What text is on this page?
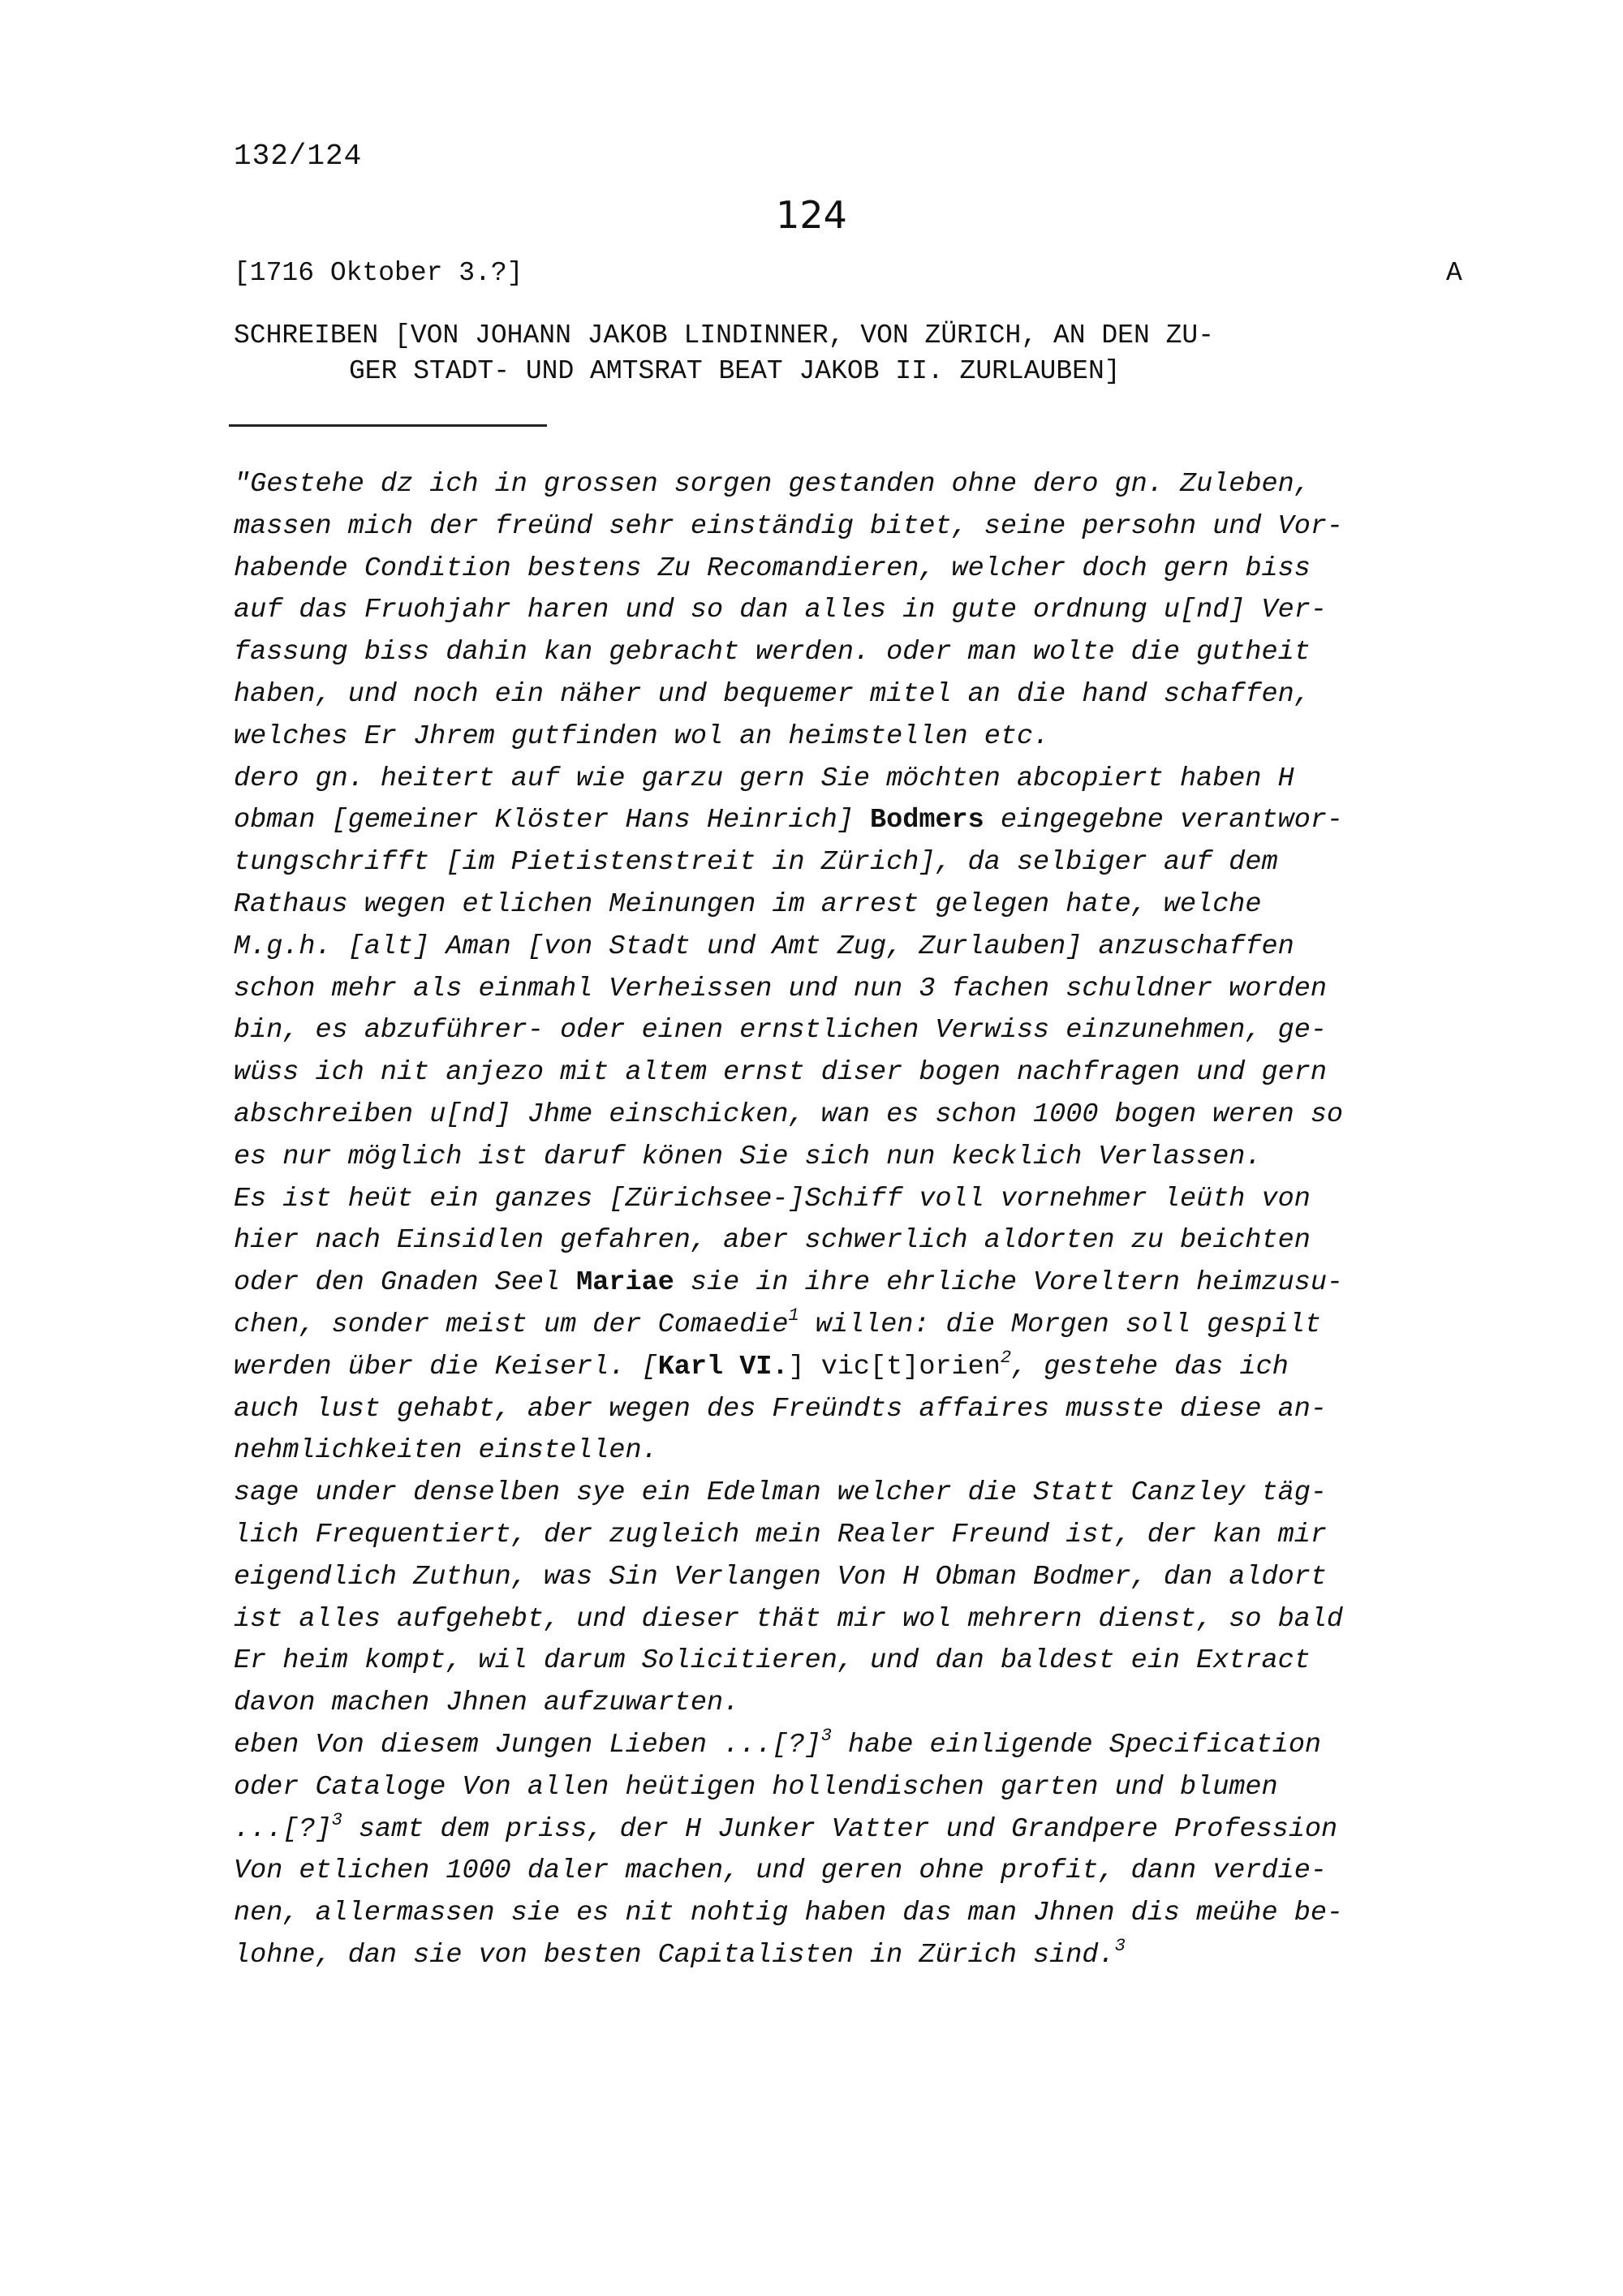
132/124
124
[1716 Oktober 3.?]	A
SCHREIBEN [VON JOHANN JAKOB LINDINNER, VON ZÜRICH, AN DEN ZU-
GER STADT- UND AMTSRAT BEAT JAKOB II. ZURLAUBEN]
"Gestehe dz ich in grossen sorgen gestanden ohne dero gn. Zuleben,
massen mich der freünd sehr einständig bitet, seine persohn und Vor-
habende Condition bestens Zu Recomandieren, welcher doch gern biss
auf das Fruohjahr haren und so dan alles in gute ordnung u[nd] Ver-
fassung biss dahin kan gebracht werden. oder man wolte die gutheit
haben, und noch ein näher und bequemer mitel an die hand schaffen,
welches Er Jhrem gutfinden wol an heimstellen etc.
dero gn. heitert auf wie garzu gern Sie möchten abcopiert haben H
obman [gemeiner Klöster Hans Heinrich] Bodmers eingegebne verantwor-
tungschrifft [im Pietistenstreit in Zürich], da selbiger auf dem
Rathaus wegen etlichen Meinungen im arrest gelegen hate, welche
M.g.h. [alt] Aman [von Stadt und Amt Zug, Zurlauben] anzuschaffen
schon mehr als einmahl Verheissen und nun 3 fachen schuldner worden
bin, es abzuführer- oder einen ernstlichen Verwiss einzunehmen, ge-
wüss ich nit anjezo mit altem ernst diser bogen nachfragen und gern
abschreiben u[nd] Jhme einschicken, wan es schon 1000 bogen weren so
es nur möglich ist daruf könen Sie sich nun kecklich Verlassen.
Es ist heüt ein ganzes [Zürichsee-]Schiff voll vornehmer leüth von
hier nach Einsidlen gefahren, aber schwerlich aldorten zu beichten
oder den Gnaden Seel Mariae sie in ihre ehrliche Voreltern heimzusu-
chen, sonder meist um der Comaedie$^1$ willen: die Morgen soll gespilt
werden über die Keiserl. [Karl VI.] vic[t]orien$^2$, gestehe das ich
auch lust gehabt, aber wegen des Freündts affaires musste diese an-
nehmlichkeiten einstellen.
sage under denselben sye ein Edelman welcher die Statt Canzley täg-
lich Frequentiert, der zugleich mein Realer Freund ist, der kan mir
eigendlich Zuthun, was Sin Verlangen Von H Obman Bodmer, dan aldort
ist alles aufgehebt, und dieser thät mir wol mehrern dienst, so bald
Er heim kompt, wil darum Solicitieren, und dan baldest ein Extract
davon machen Jhnen aufzuwarten.
eben Von diesem Jungen Lieben ...[?]$^3$ habe einligende Specification
oder Cataloge Von allen heütigen hollendischen garten und blumen
...[?]$^3$ samt dem priss, der H Junker Vatter und Grandpere Profession
Von etlichen 1000 daler machen, und geren ohne profit, dann verdie-
nen, allermassen sie es nit nohtig haben das man Jhnen dis meühe be-
lohne, dan sie von besten Capitalisten in Zürich sind.$^3$
